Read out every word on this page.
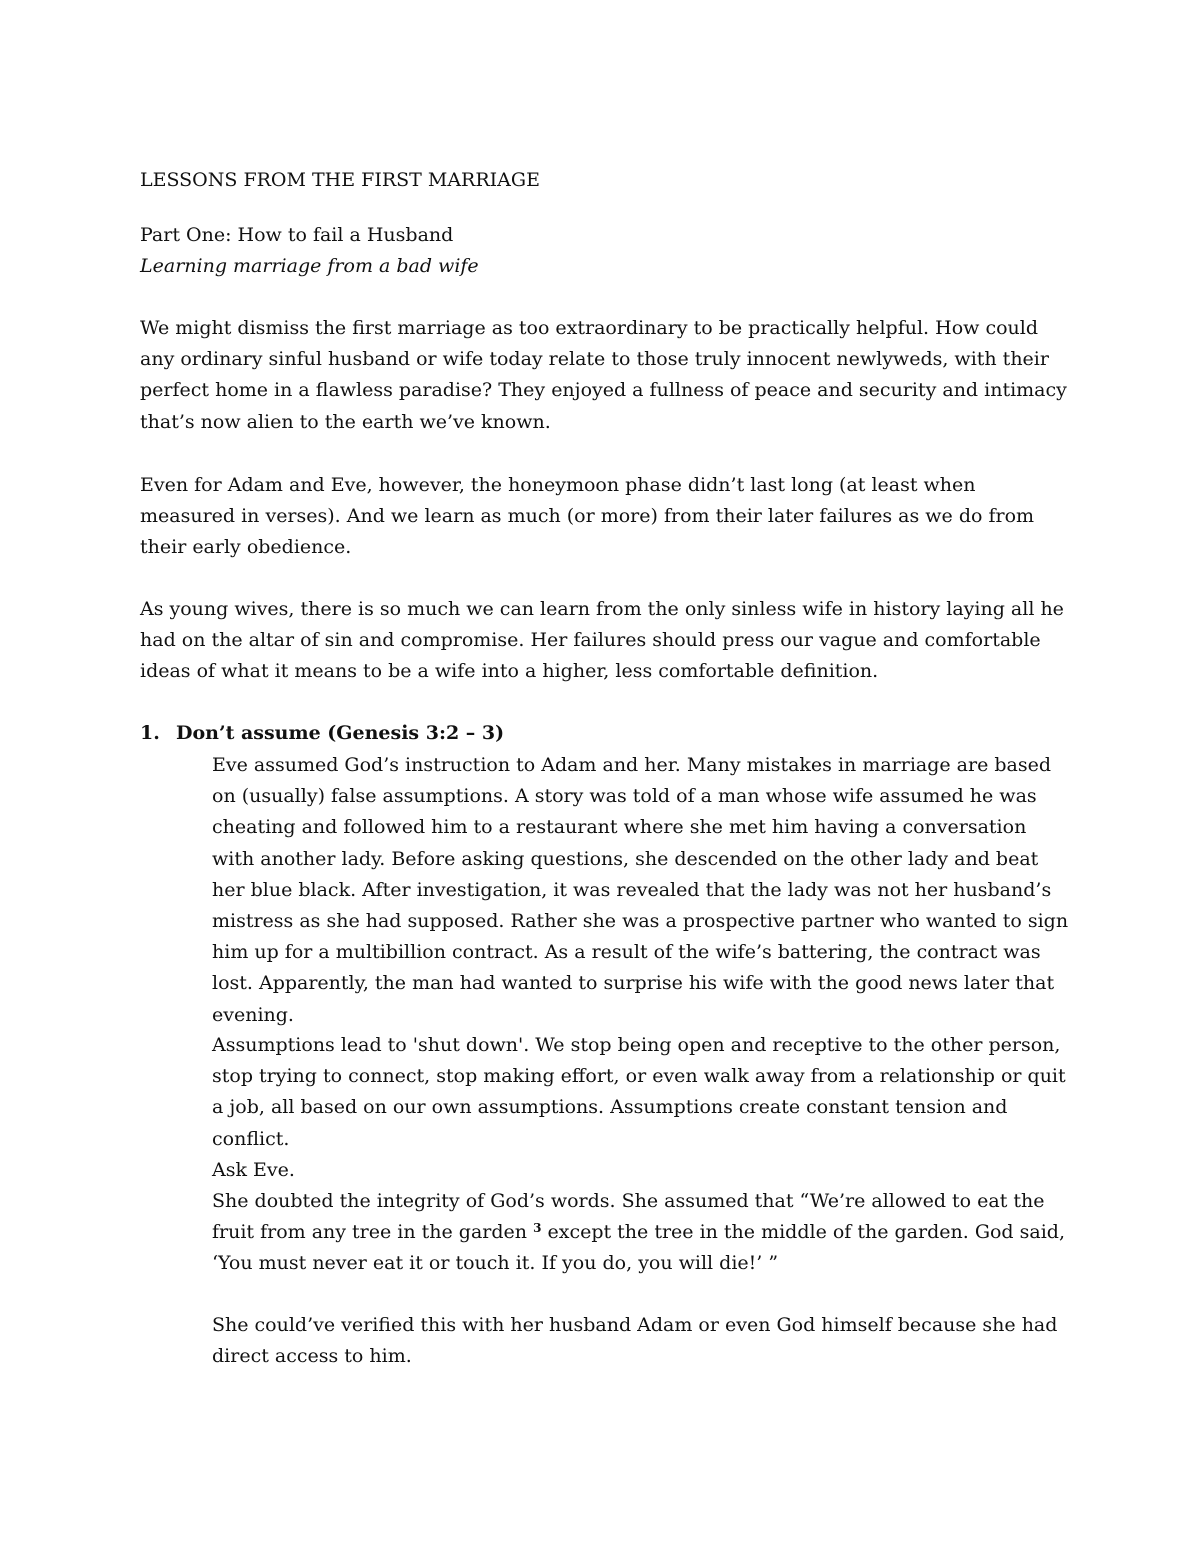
LESSONS FROM THE FIRST MARRIAGE

Part One: How to fail a Husband

Learning marriage from a bad wife

We might dismiss the first marriage as too extraordinary to be practically helpful. How could any ordinary sinful husband or wife today relate to those truly innocent newlyweds, with their perfect home in a flawless paradise? They enjoyed a fullness of peace and security and intimacy that’s now alien to the earth we’ve known.

Even for Adam and Eve, however, the honeymoon phase didn’t last long (at least when measured in verses). And we learn as much (or more) from their later failures as we do from their early obedience.

As young wives, there is so much we can learn from the only sinless wife in history laying all he had on the altar of sin and compromise. Her failures should press our vague and comfortable ideas of what it means to be a wife into a higher, less comfortable definition.

1. Don’t assume (Genesis 3:2 – 3)

Eve assumed God’s instruction to Adam and her. Many mistakes in marriage are based on (usually) false assumptions. A story was told of a man whose wife assumed he was cheating and followed him to a restaurant where she met him having a conversation with another lady. Before asking questions, she descended on the other lady and beat her blue black. After investigation, it was revealed that the lady was not her husband’s mistress as she had supposed. Rather she was a prospective partner who wanted to sign him up for a multibillion contract. As a result of the wife’s battering, the contract was lost. Apparently, the man had wanted to surprise his wife with the good news later that evening.

Assumptions lead to 'shut down'. We stop being open and receptive to the other person, stop trying to connect, stop making effort, or even walk away from a relationship or quit a job, all based on our own assumptions. Assumptions create constant tension and conflict.

Ask Eve.

She doubted the integrity of God’s words. She assumed that “We’re allowed to eat the fruit from any tree in the garden $^3$ except the tree in the middle of the garden. God said, ‘You must never eat it or touch it. If you do, you will die!’ ”

She could’ve verified this with her husband Adam or even God himself because she had direct access to him.
